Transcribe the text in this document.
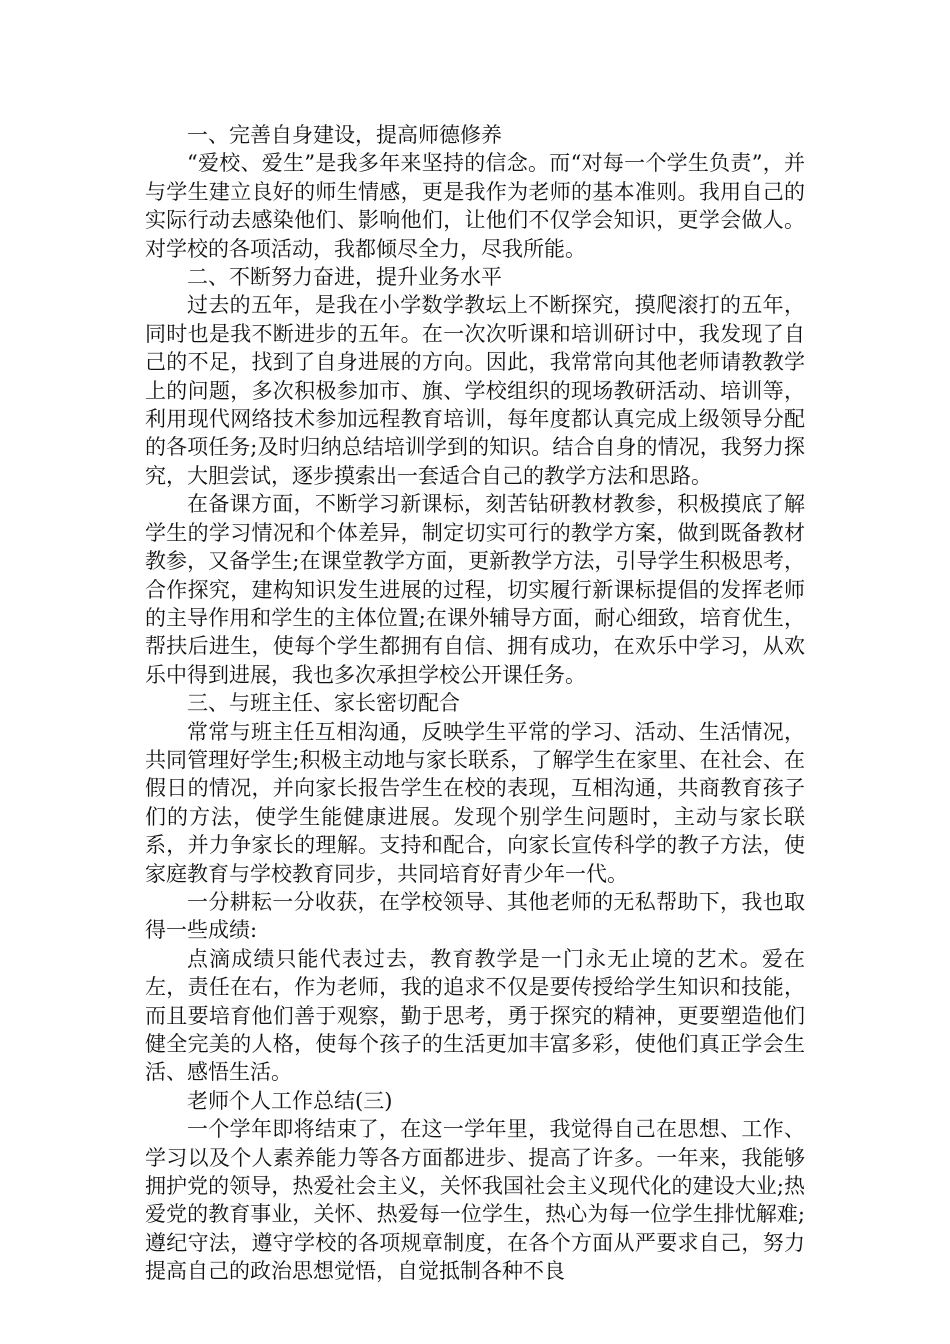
一、完善自身建设，提高师德修养

“爱校、爱生”是我多年来坚持的信念。而“对每一个学生负责”，并与学生建立良好的师生情感，更是我作为老师的基本准则。我用自己的实际行动去感染他们、影响他们，让他们不仅学会知识，更学会做人。对学校的各项活动，我都倾尽全力，尽我所能。

二、不断努力奋进，提升业务水平

过去的五年，是我在小学数学教坛上不断探究，摸爬滚打的五年，同时也是我不断进步的五年。在一次次听课和培训研讨中，我发现了自己的不足，找到了自身进展的方向。因此，我常常向其他老师请教教学上的问题，多次积极参加市、旗、学校组织的现场教研活动、培训等，利用现代网络技术参加远程教育培训，每年度都认真完成上级领导分配的各项任务;及时归纳总结培训学到的知识。结合自身的情况，我努力探究，大胆尝试，逐步摸索出一套适合自己的教学方法和思路。

在备课方面，不断学习新课标，刻苦钻研教材教参，积极摸底了解学生的学习情况和个体差异，制定切实可行的教学方案，做到既备教材教参，又备学生;在课堂教学方面，更新教学方法，引导学生积极思考，合作探究，建构知识发生进展的过程，切实履行新课标提倡的发挥老师的主导作用和学生的主体位置;在课外辅导方面，耐心细致，培育优生，帮扶后进生，使每个学生都拥有自信、拥有成功，在欢乐中学习，从欢乐中得到进展，我也多次承担学校公开课任务。

三、与班主任、家长密切配合

常常与班主任互相沟通，反映学生平常的学习、活动、生活情况，共同管理好学生;积极主动地与家长联系，了解学生在家里、在社会、在假日的情况，并向家长报告学生在校的表现，互相沟通，共商教育孩子们的方法，使学生能健康进展。发现个别学生问题时，主动与家长联系，并力争家长的理解。支持和配合，向家长宣传科学的教子方法，使家庭教育与学校教育同步，共同培育好青少年一代。

一分耕耘一分收获，在学校领导、其他老师的无私帮助下，我也取得一些成绩:

点滴成绩只能代表过去，教育教学是一门永无止境的艺术。爱在左，责任在右，作为老师，我的追求不仅是要传授给学生知识和技能，而且要培育他们善于观察，勤于思考，勇于探究的精神，更要塑造他们健全完美的人格，使每个孩子的生活更加丰富多彩，使他们真正学会生活、感悟生活。

老师个人工作总结(三)

一个学年即将结束了，在这一学年里，我觉得自己在思想、工作、学习以及个人素养能力等各方面都进步、提高了许多。一年来，我能够拥护党的领导，热爱社会主义，关怀我国社会主义现代化的建设大业;热爱党的教育事业，关怀、热爱每一位学生，热心为每一位学生排忧解难;遵纪守法，遵守学校的各项规章制度，在各个方面从严要求自己，努力提高自己的政治思想觉悟，自觉抵制各种不良
